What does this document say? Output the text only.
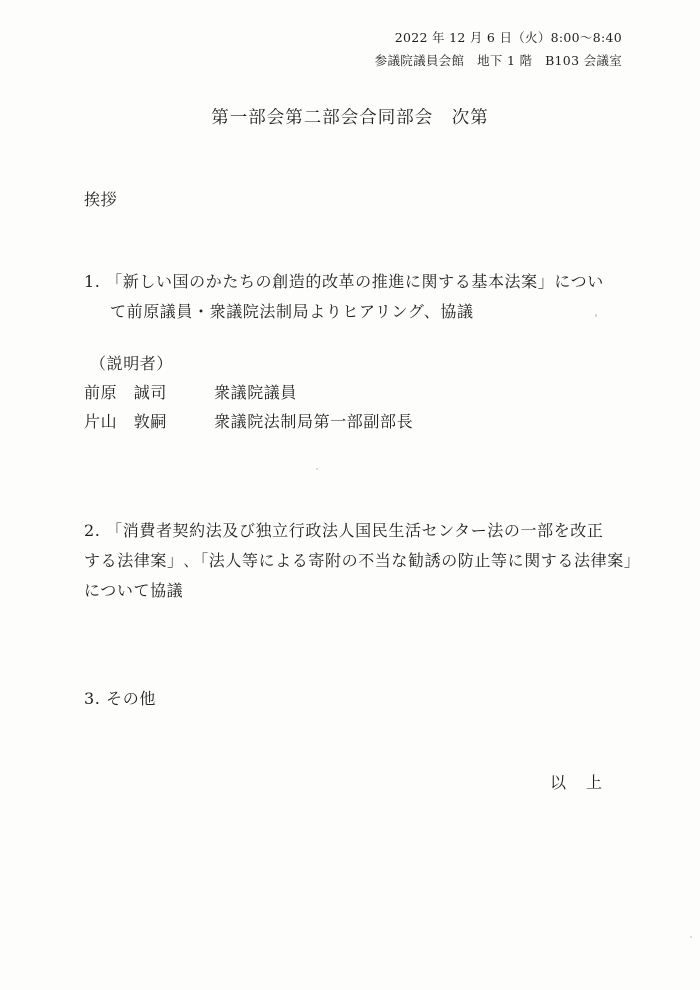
2022 年 12 月 6 日（火）8:00～8:40
参議院議員会館　地下 1 階　B103 会議室
第一部会第二部会合同部会　次第
挨拶
1. 「新しい国のかたちの創造的改革の推進に関する基本法案」につい
て前原議員・衆議院法制局よりヒアリング、協議
（説明者）
前原　誠司	衆議院議員
片山　敦嗣	衆議院法制局第一部副部長
2. 「消費者契約法及び独立行政法人国民生活センター法の一部を改正
する法律案」､「法人等による寄附の不当な勧誘の防止等に関する法律案」
について協議
3. その他
以 上
